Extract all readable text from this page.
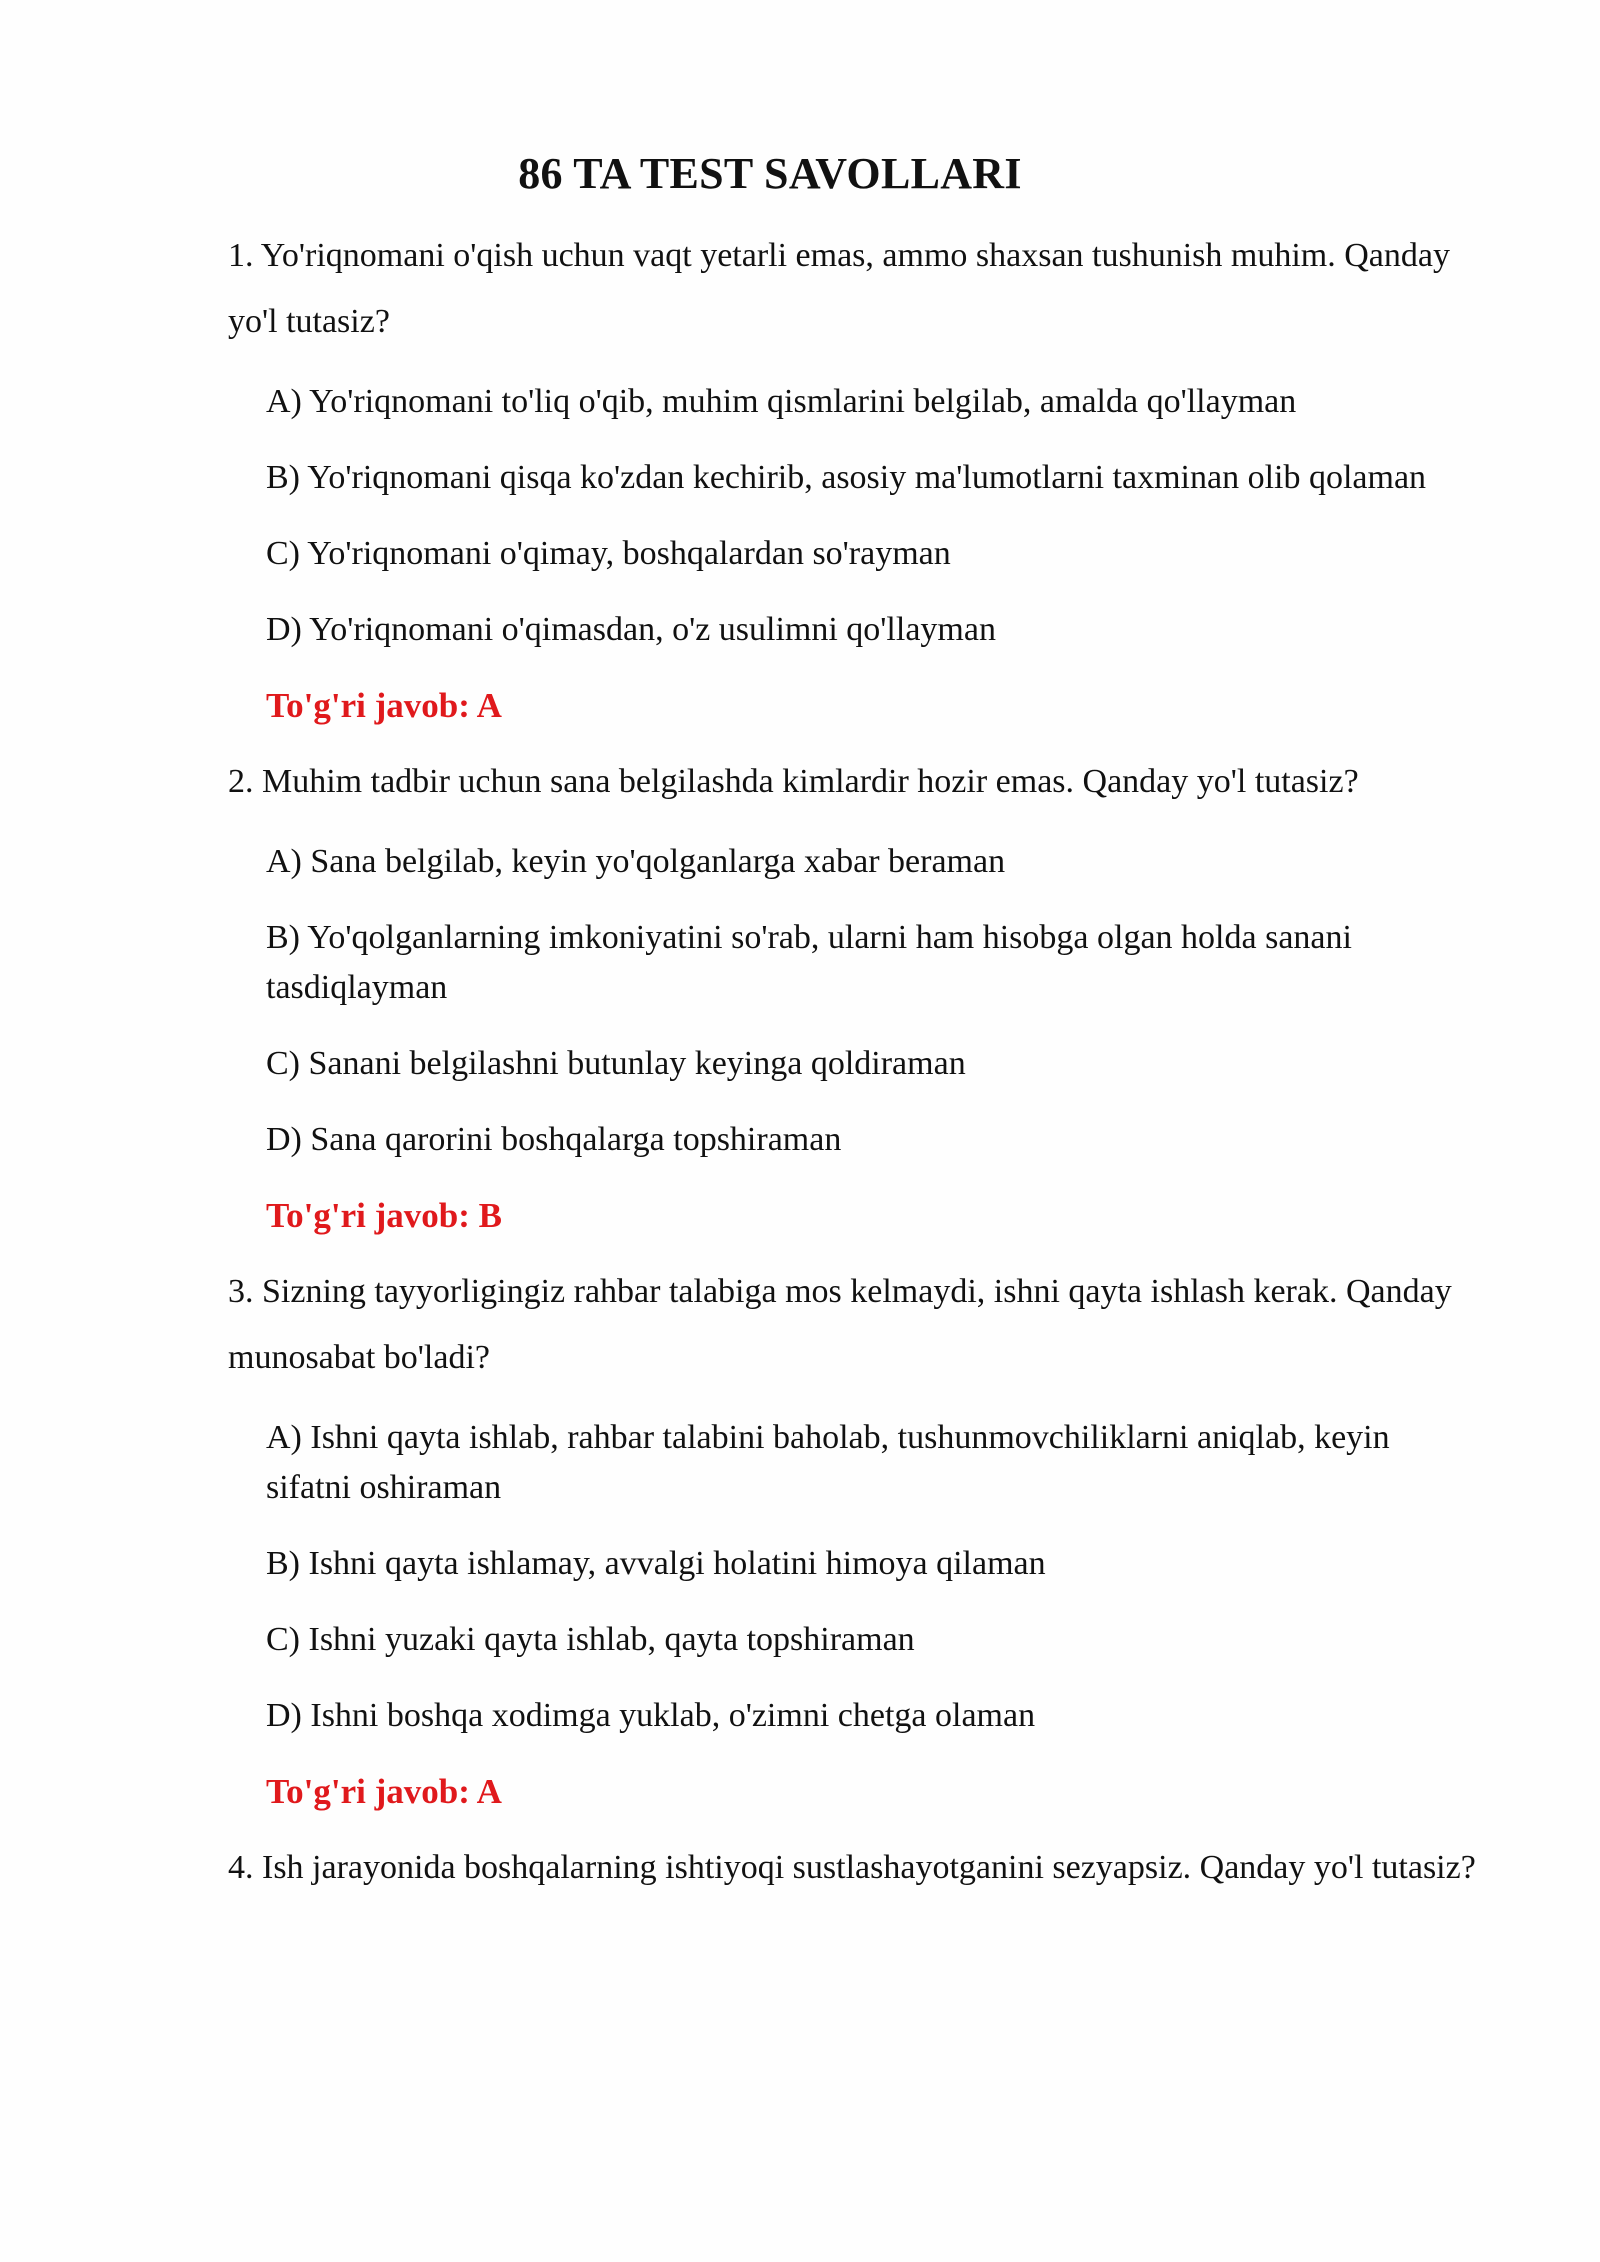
86 TA TEST SAVOLLARI
1. Yo'riqnomani o'qish uchun vaqt yetarli emas, ammo shaxsan tushunish muhim. Qanday yo'l tutasiz?
A) Yo'riqnomani to'liq o'qib, muhim qismlarini belgilab, amalda qo'llayman
B) Yo'riqnomani qisqa ko'zdan kechirib, asosiy ma'lumotlarni taxminan olib qolaman
C) Yo'riqnomani o'qimay, boshqalardan so'rayman
D) Yo'riqnomani o'qimasdan, o'z usulimni qo'llayman
To'g'ri javob: A
2. Muhim tadbir uchun sana belgilashda kimlardir hozir emas. Qanday yo'l tutasiz?
A) Sana belgilab, keyin yo'qolganlarga xabar beraman
B) Yo'qolganlarning imkoniyatini so'rab, ularni ham hisobga olgan holda sanani tasdiqlayman
C) Sanani belgilashni butunlay keyinga qoldiraman
D) Sana qarorini boshqalarga topshiraman
To'g'ri javob: B
3. Sizning tayyorligingiz rahbar talabiga mos kelmaydi, ishni qayta ishlash kerak. Qanday munosabat bo'ladi?
A) Ishni qayta ishlab, rahbar talabini baholab, tushunmovchiliklarni aniqlab, keyin sifatni oshiraman
B) Ishni qayta ishlamay, avvalgi holatini himoya qilaman
C) Ishni yuzaki qayta ishlab, qayta topshiraman
D) Ishni boshqa xodimga yuklab, o'zimni chetga olaman
To'g'ri javob: A
4. Ish jarayonida boshqalarning ishtiyoqi sustlashayotganini sezyapsiz. Qanday yo'l tutasiz?
